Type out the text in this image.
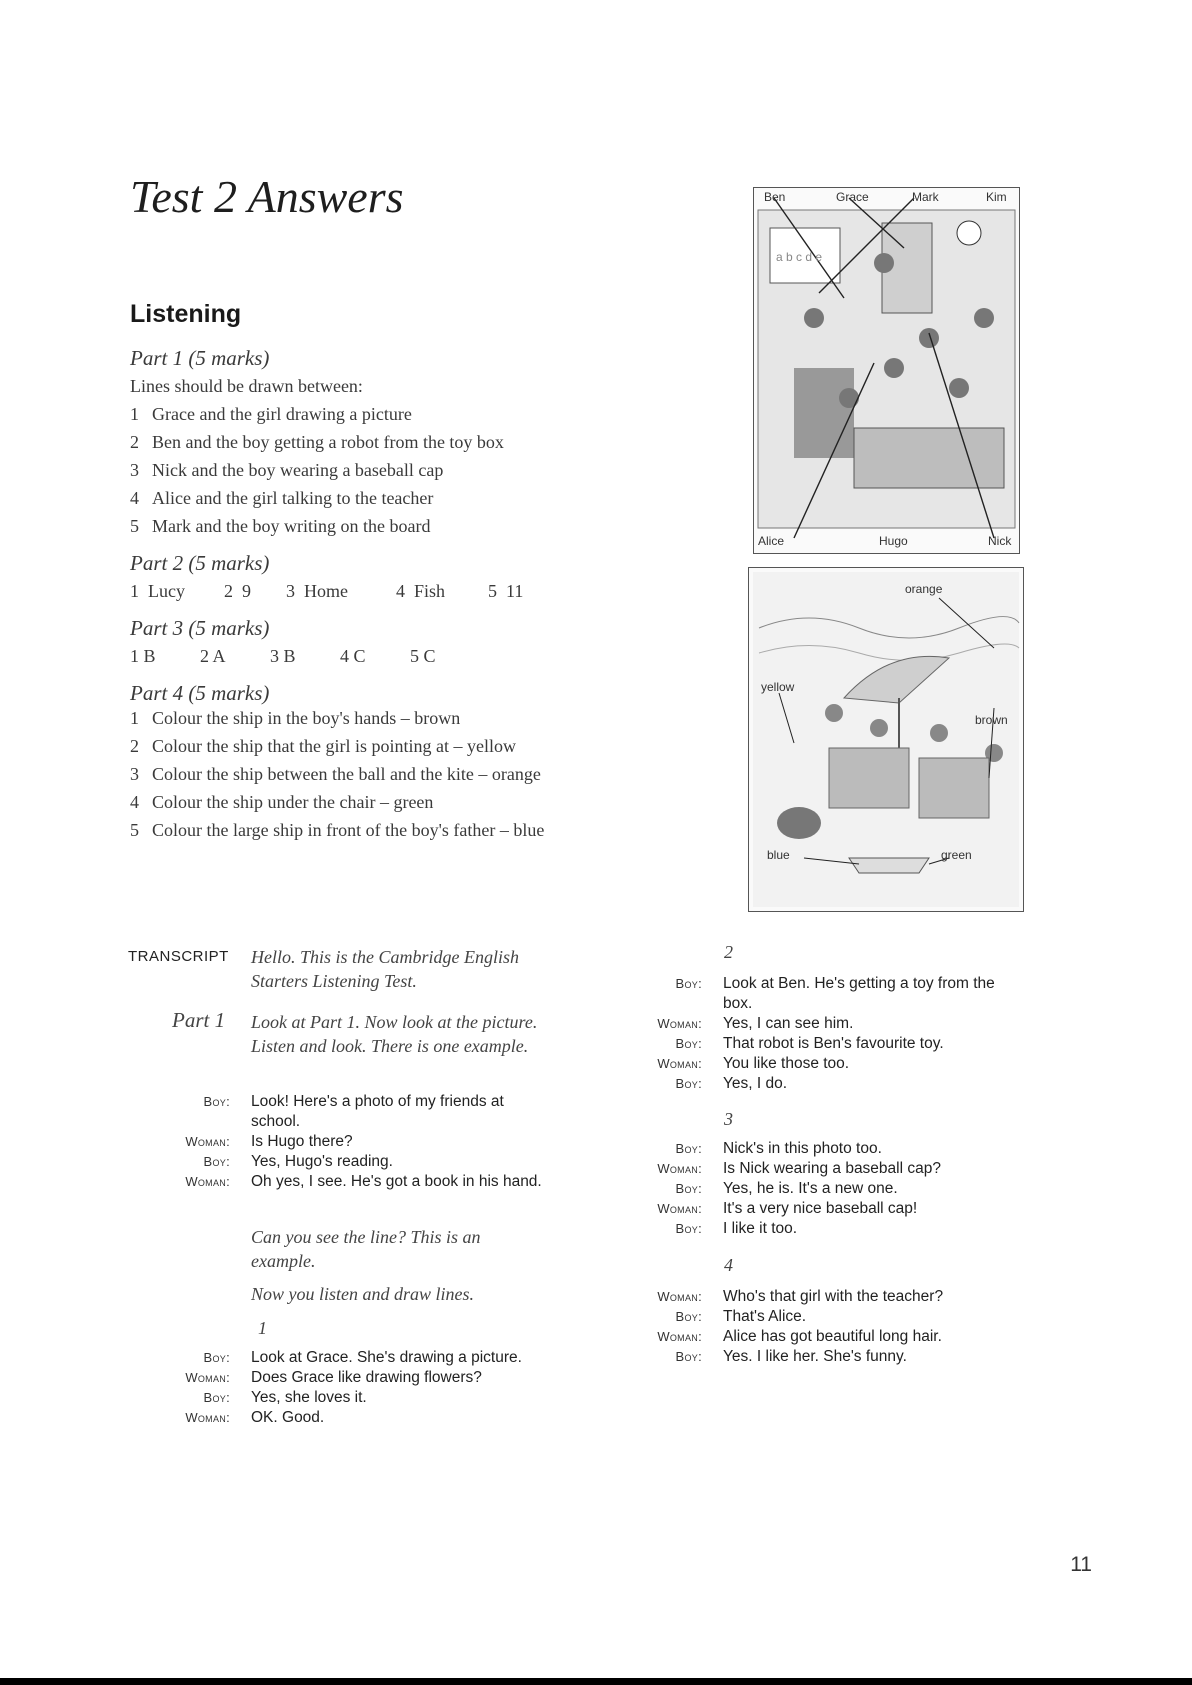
Test 2 Answers
Listening
Part 1 (5 marks)
Lines should be drawn between:
1 Grace and the girl drawing a picture
2 Ben and the boy getting a robot from the toy box
3 Nick and the boy wearing a baseball cap
4 Alice and the girl talking to the teacher
5 Mark and the boy writing on the board
Part 2 (5 marks)
1  Lucy 2  9 3  Home	4  Fish 5  11
Part 3 (5 marks)
1 B 2 A 3 B 4 C 5 C
Part 4 (5 marks)
1 Colour the ship in the boy's hands – brown
2 Colour the ship that the girl is pointing at – yellow
3 Colour the ship between the ball and the kite – orange
4 Colour the ship under the chair – green
5 Colour the large ship in front of the boy's father – blue
Ben	Grace	Mark	Kim
a b c d e
Alice	Hugo	Nick
orange
yellow
brown
blue	green
TRANSCRIPT Hello. This is the Cambridge English Starters Listening Test.
Part 1 Look at Part 1. Now look at the picture. Listen and look. There is one example.
Boy: Look! Here's a photo of my friends at school.
Woman: Is Hugo there?
Boy: Yes, Hugo's reading.
Woman: Oh yes, I see. He's got a book in his hand.
Can you see the line? This is an example.
Now you listen and draw lines.
1
Boy: Look at Grace. She's drawing a picture.
Woman: Does Grace like drawing flowers?
Boy: Yes, she loves it.
Woman: OK. Good.
2
Boy: Look at Ben. He's getting a toy from the box.
Woman: Yes, I can see him.
Boy: That robot is Ben's favourite toy.
Woman: You like those too.
Boy: Yes, I do.
3
Boy: Nick's in this photo too.
Woman: Is Nick wearing a baseball cap?
Boy: Yes, he is. It's a new one.
Woman: It's a very nice baseball cap!
Boy: I like it too.
4
Woman: Who's that girl with the teacher?
Boy: That's Alice.
Woman: Alice has got beautiful long hair.
Boy: Yes. I like her. She's funny.
11
